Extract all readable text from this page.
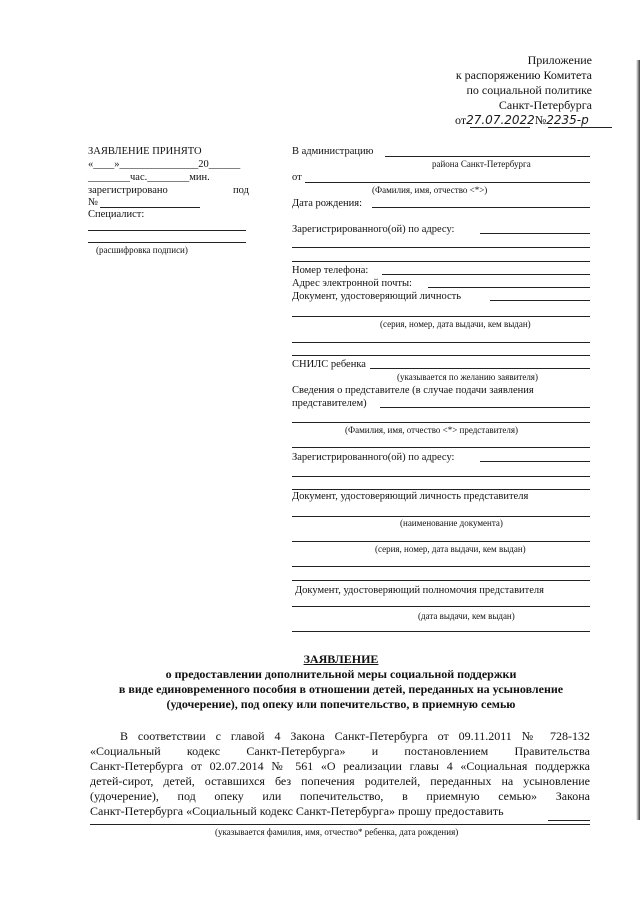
Приложение
к распоряжению Комитета
по социальной политике
Санкт-Петербурга
от27.07.2022№2235-р
ЗАЯВЛЕНИЕ ПРИНЯТО
«____»_______________20______
________час.________мин.
зарегистрировано	под
№
Специалист:
(расшифровка подписи)
В администрацию
района Санкт-Петербурга
от
(Фамилия, имя, отчество <*>)
Дата рождения:
Зарегистрированного(ой) по адресу:
Номер телефона:
Адрес электронной почты:
Документ, удостоверяющий личность
(серия, номер, дата выдачи, кем выдан)
СНИЛС ребенка
(указывается по желанию заявителя)
Сведения о представителе (в случае подачи заявления
представителем)
(Фамилия, имя, отчество <*> представителя)
Зарегистрированного(ой) по адресу:
Документ, удостоверяющий личность представителя
(наименование документа)
(серия, номер, дата выдачи, кем выдан)
Документ, удостоверяющий полномочия представителя
(дата выдачи, кем выдан)
ЗАЯВЛЕНИЕ
о предоставлении дополнительной меры социальной поддержки
в виде единовременного пособия в отношении детей, переданных на усыновление
(удочерение), под опеку или попечительство, в приемную семью
В соответствии с главой 4 Закона Санкт-Петербурга от 09.11.2011 № 728-132
«Социальный кодекс Санкт-Петербурга» и постановлением Правительства
Санкт-Петербурга от 02.07.2014 № 561 «О реализации главы 4 «Социальная поддержка
детей-сирот, детей, оставшихся без попечения родителей, переданных на усыновление
(удочерение), под опеку или попечительство, в приемную семью» Закона
Санкт-Петербурга «Социальный кодекс Санкт-Петербурга» прошу предоставить
(указывается фамилия, имя, отчество* ребенка, дата рождения)
